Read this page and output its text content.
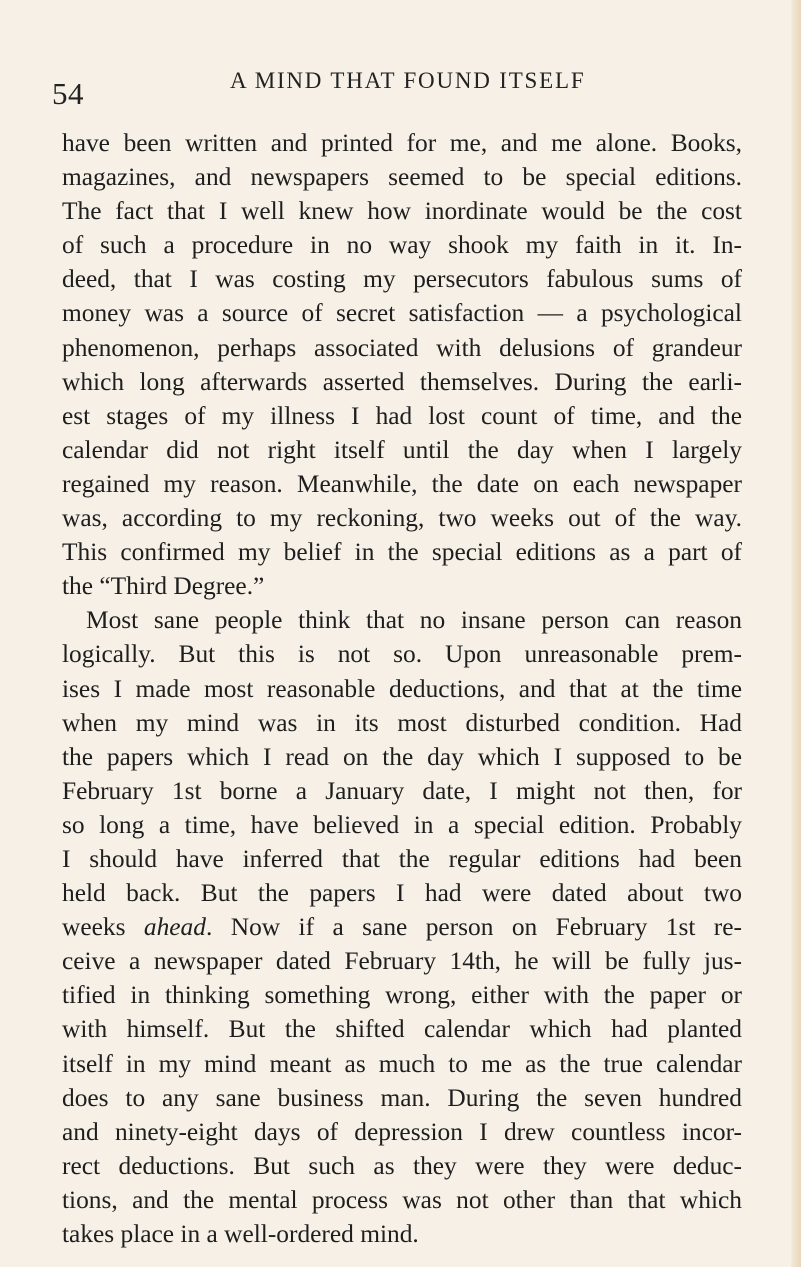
54	A MIND THAT FOUND ITSELF
have been written and printed for me, and me alone. Books,
magazines, and newspapers seemed to be special editions.
The fact that I well knew how inordinate would be the cost
of such a procedure in no way shook my faith in it. In-
deed, that I was costing my persecutors fabulous sums of
money was a source of secret satisfaction — a psychological
phenomenon, perhaps associated with delusions of grandeur
which long afterwards asserted themselves. During the earli-
est stages of my illness I had lost count of time, and the
calendar did not right itself until the day when I largely
regained my reason. Meanwhile, the date on each newspaper
was, according to my reckoning, two weeks out of the way.
This confirmed my belief in the special editions as a part of
the “Third Degree.”
Most sane people think that no insane person can reason
logically. But this is not so. Upon unreasonable prem-
ises I made most reasonable deductions, and that at the time
when my mind was in its most disturbed condition. Had
the papers which I read on the day which I supposed to be
February 1st borne a January date, I might not then, for
so long a time, have believed in a special edition. Probably
I should have inferred that the regular editions had been
held back. But the papers I had were dated about two
weeks ahead. Now if a sane person on February 1st re-
ceive a newspaper dated February 14th, he will be fully jus-
tified in thinking something wrong, either with the paper or
with himself. But the shifted calendar which had planted
itself in my mind meant as much to me as the true calendar
does to any sane business man. During the seven hundred
and ninety-eight days of depression I drew countless incor-
rect deductions. But such as they were they were deduc-
tions, and the mental process was not other than that which
takes place in a well-ordered mind.
